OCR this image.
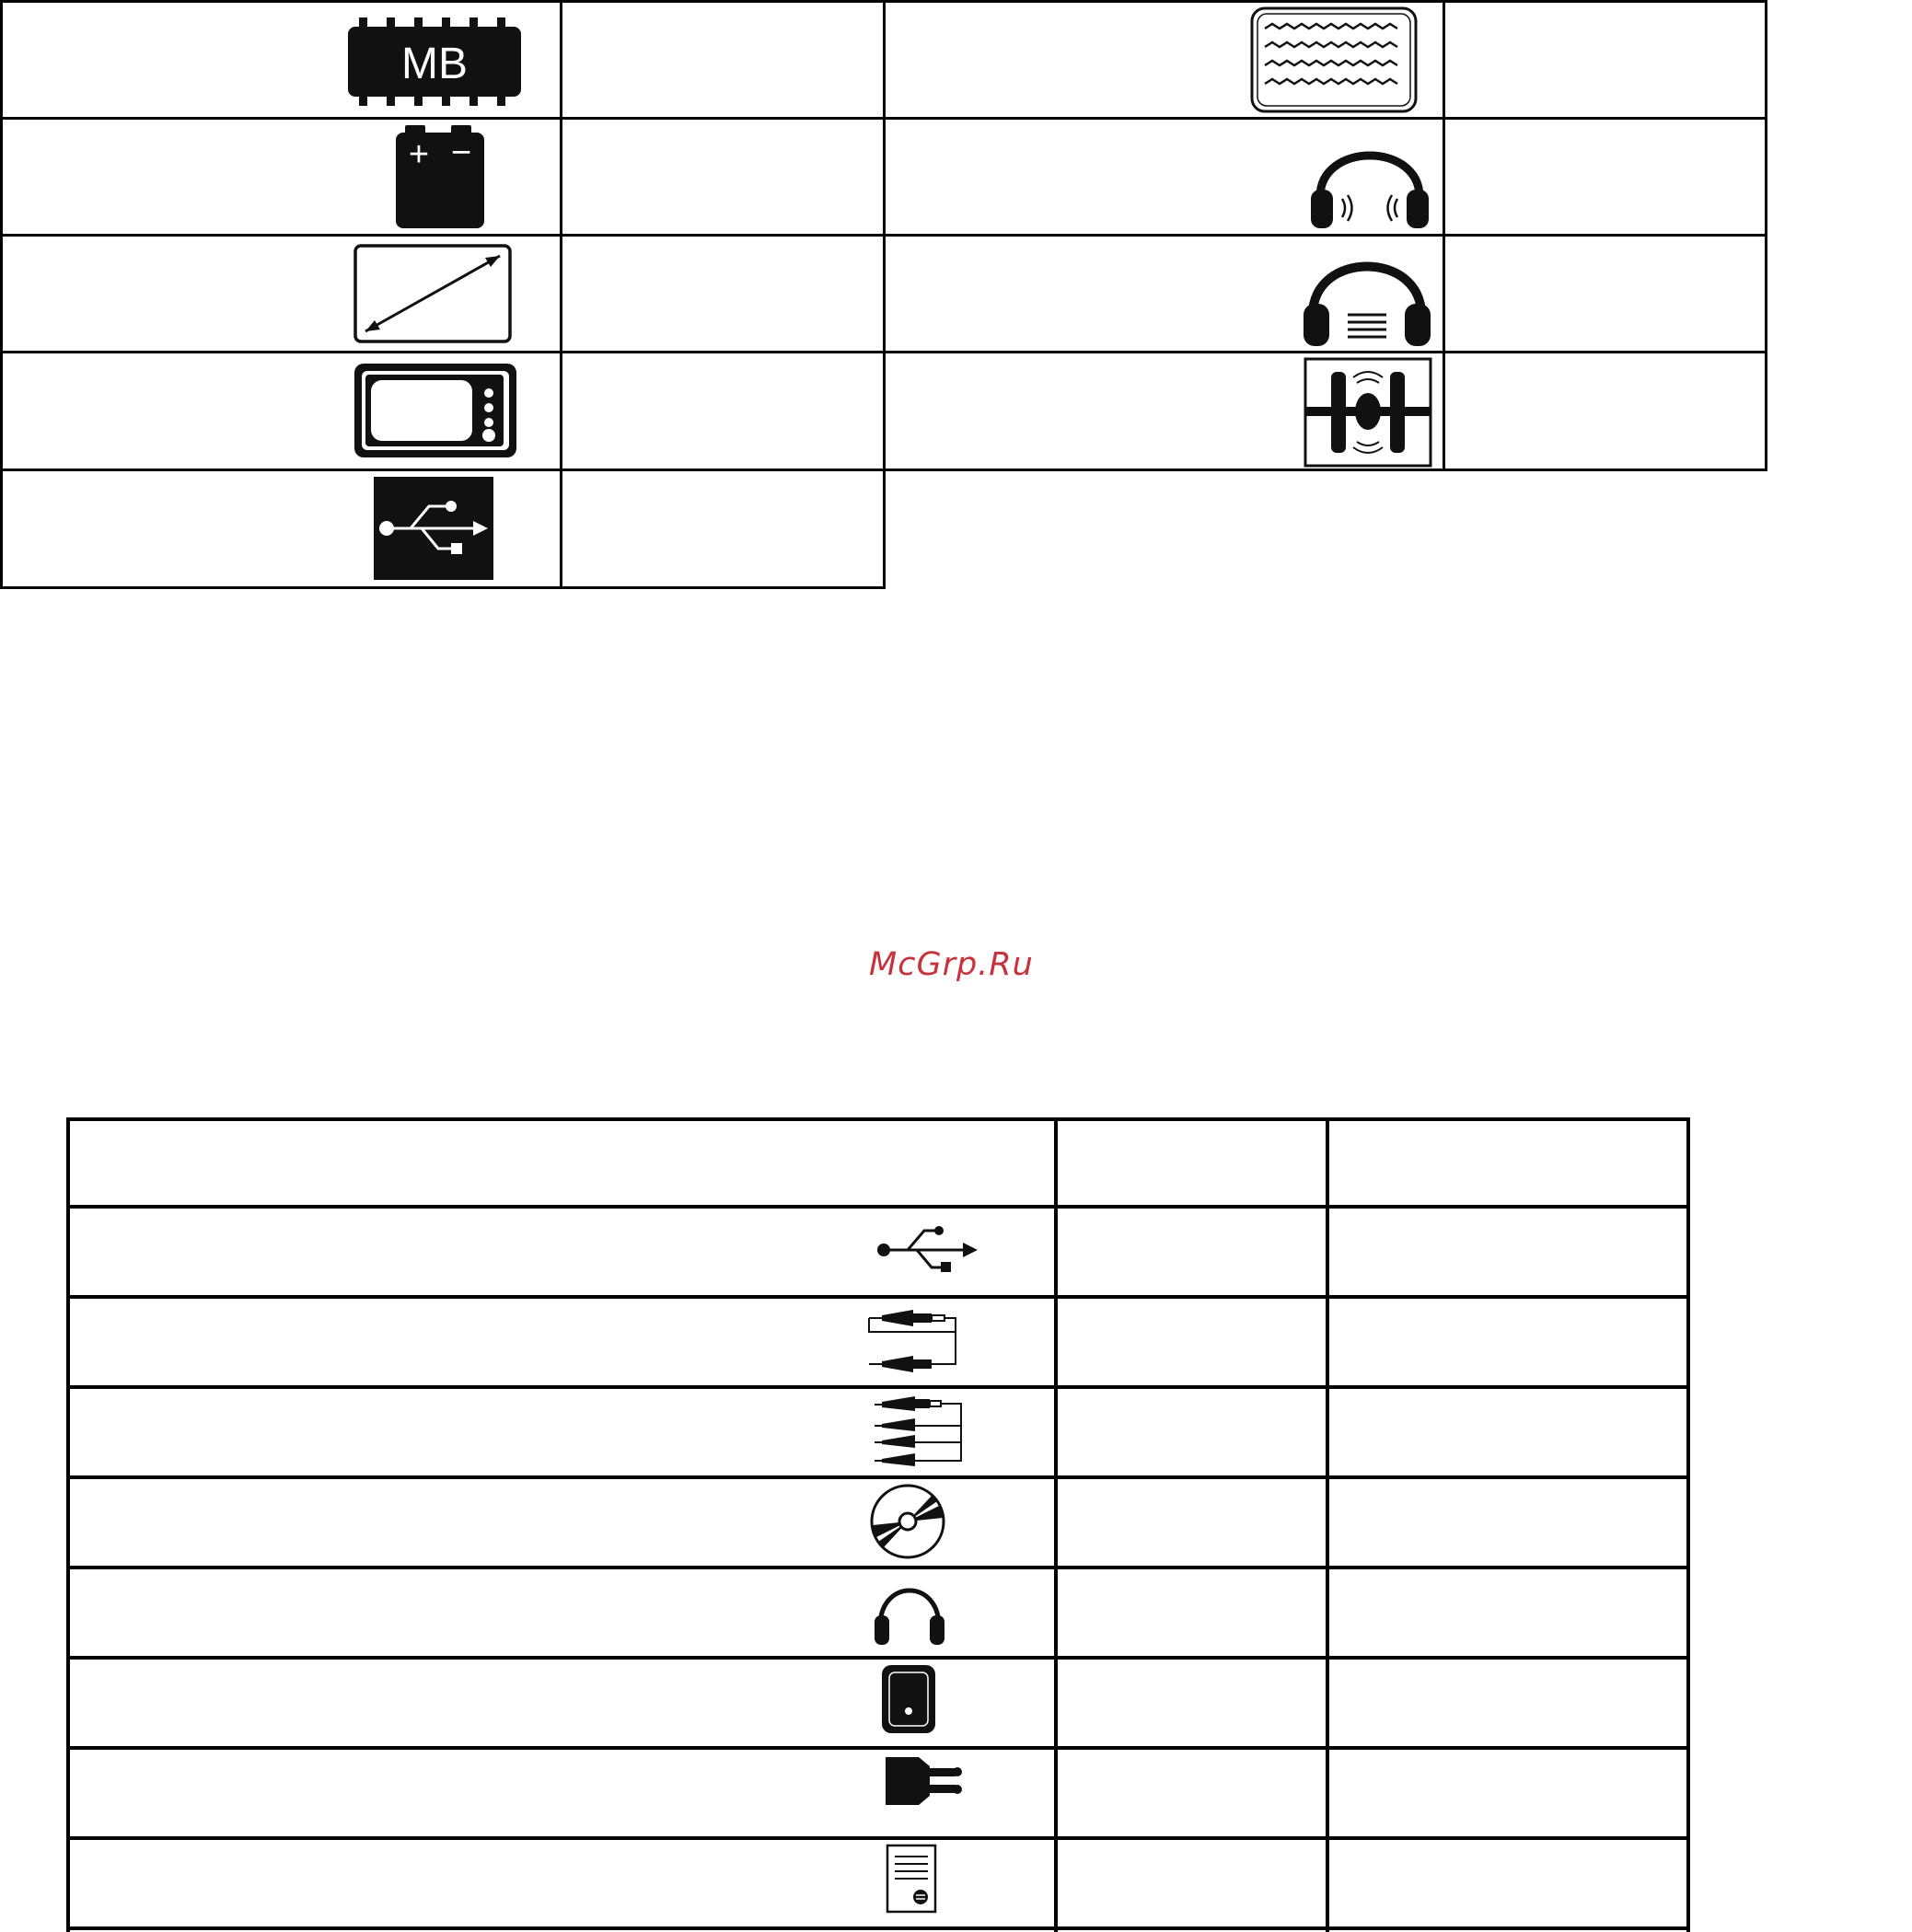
MB
+ −
McGrp.Ru
